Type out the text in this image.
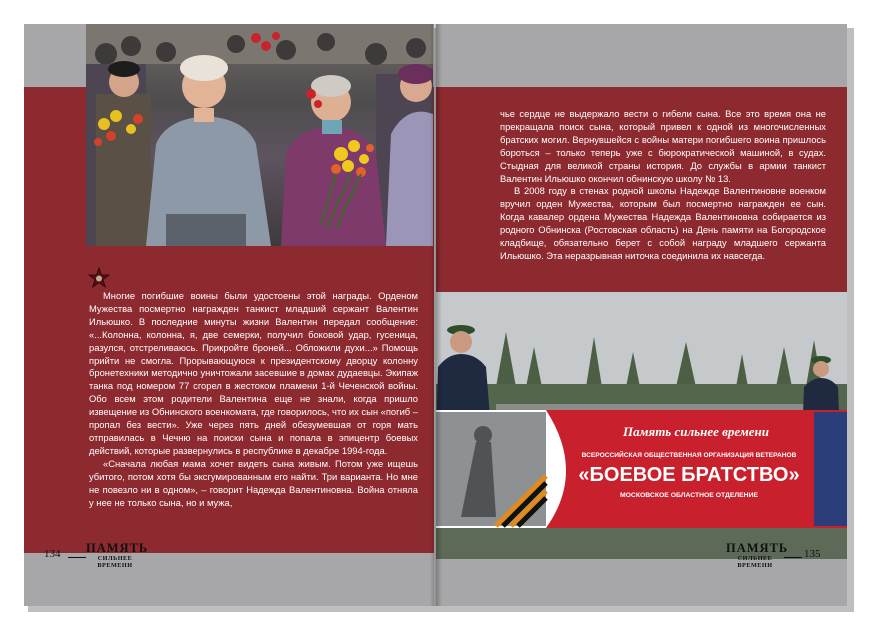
Многие погибшие воины были удостоены этой награды. Орденом Мужества посмертно награжден танкист младший сержант Валентин Ильюшко. В последние минуты жизни Валентин передал сообщение: «...Колонна, колонна, я, две семерки, получил боковой удар, гусеница, разулся, отстреливаюсь. Прикройте броней... Обложили духи...» Помощь прийти не смогла. Прорывающуюся к президентскому дворцу колонну бронетехники методично уничтожали засевшие в домах дудаевцы. Экипаж танка под номером 77 сгорел в жестоком пламени 1-й Чеченской войны. Обо всем этом родители Валентина еще не знали, когда пришло извещение из Обнинского военкомата, где говорилось, что их сын «погиб – пропал без вести». Уже через пять дней обезумевшая от горя мать отправилась в Чечню на поиски сына и попала в эпицентр боевых действий, которые развернулись в республике в декабре 1994-года.

«Сначала любая мама хочет видеть сына живым. Потом уже ищешь убитого, потом хотя бы эксгумированным его найти. Три варианта. Но мне не повезло ни в одном», – говорит Надежда Валентиновна. Война отняла у нее не только сына, но и мужа,

134 ПАМЯТЬ
СИЛЬНЕЕ
ВРЕМЕНИ

чье сердце не выдержало вести о гибели сына. Все это время она не прекращала поиск сына, который привел к одной из многочисленных братских могил. Вернувшейся с войны матери погибшего воина пришлось бороться – только теперь уже с бюрократической машиной, в судах. Стыдная для великой страны история. До службы в армии танкист Валентин Ильюшко окончил обнинскую школу № 13.

В 2008 году в стенах родной школы Надежде Валентиновне военком вручил орден Мужества, которым был посмертно награжден ее сын. Когда кавалер ордена Мужества Надежда Валентиновна собирается из родного Обнинска (Ростовская область) на День памяти на Богородское кладбище, обязательно берет с собой награду младшего сержанта Ильюшко. Эта неразрывная ниточка соединила их навсегда.

Память сильнее времени
ВСЕРОССИЙСКАЯ ОБЩЕСТВЕННАЯ ОРГАНИЗАЦИЯ ВЕТЕРАНОВ
«БОЕВОЕ БРАТСТВО»
МОСКОВСКОЕ ОБЛАСТНОЕ ОТДЕЛЕНИЕ
ПАМЯТЬ
СИЛЬНЕЕ
ВРЕМЕНИ
135
